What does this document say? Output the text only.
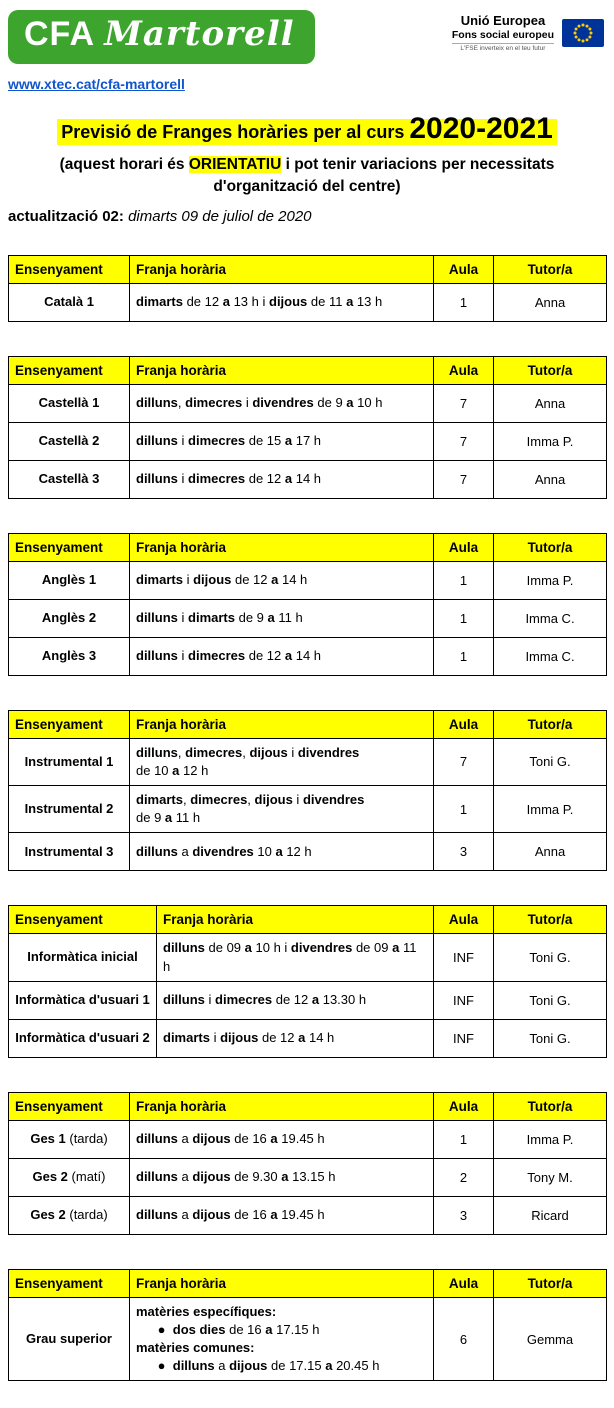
CFA Martorell	Unió Europea
Fons social europeu
L'FSE inverteix en el teu futur
www.xtec.cat/cfa-martorell
Previsió de Franges horàries per al curs 2020-2021
(aquest horari és ORIENTATIU i pot tenir variacions per necessitats d'organització del centre)
actualització 02: dimarts 09 de juliol de 2020
Ensenyament	Franja horària	Aula	Tutor/a
Català 1	dimarts de 12 a 13 h i dijous de 11 a 13 h	1	Anna
Ensenyament	Franja horària	Aula	Tutor/a
Castellà 1	dilluns, dimecres i divendres de 9 a 10 h	7	Anna
Castellà 2	dilluns i dimecres de 15 a 17 h	7	Imma P.
Castellà 3	dilluns i dimecres de 12 a 14 h	7	Anna
Ensenyament	Franja horària	Aula	Tutor/a
Anglès 1	dimarts i dijous de 12 a 14 h	1	Imma P.
Anglès 2	dilluns i dimarts de 9 a 11 h	1	Imma C.
Anglès 3	dilluns i dimecres de 12 a 14 h	1	Imma C.
Ensenyament	Franja horària	Aula	Tutor/a
Instrumental 1	dilluns, dimecres, dijous i divendres
de 10 a 12 h	7	Toni G.
Instrumental 2	dimarts, dimecres, dijous i divendres
de 9 a 11 h	1	Imma P.
Instrumental 3	dilluns a divendres 10 a 12 h	3	Anna
Ensenyament	Franja horària	Aula	Tutor/a
Informàtica inicial	dilluns de 09 a 10 h i divendres de 09 a 11 h	INF	Toni G.
Informàtica d'usuari 1	dilluns i dimecres de 12 a 13.30 h	INF	Toni G.
Informàtica d'usuari 2	dimarts i dijous de 12 a 14 h	INF	Toni G.
Ensenyament	Franja horària	Aula	Tutor/a
Ges 1 (tarda)	dilluns a dijous de 16 a 19.45 h	1	Imma P.
Ges 2 (matí)	dilluns a dijous de 9.30 a 13.15 h	2	Tony M.
Ges 2 (tarda)	dilluns a dijous de 16 a 19.45 h	3	Ricard
Ensenyament	Franja horària	Aula	Tutor/a
Grau superior	matèries específiques:
●  dos dies de 16 a 17.15 h
matèries comunes:
●  dilluns a dijous de 17.15 a 20.45 h	6	Gemma
